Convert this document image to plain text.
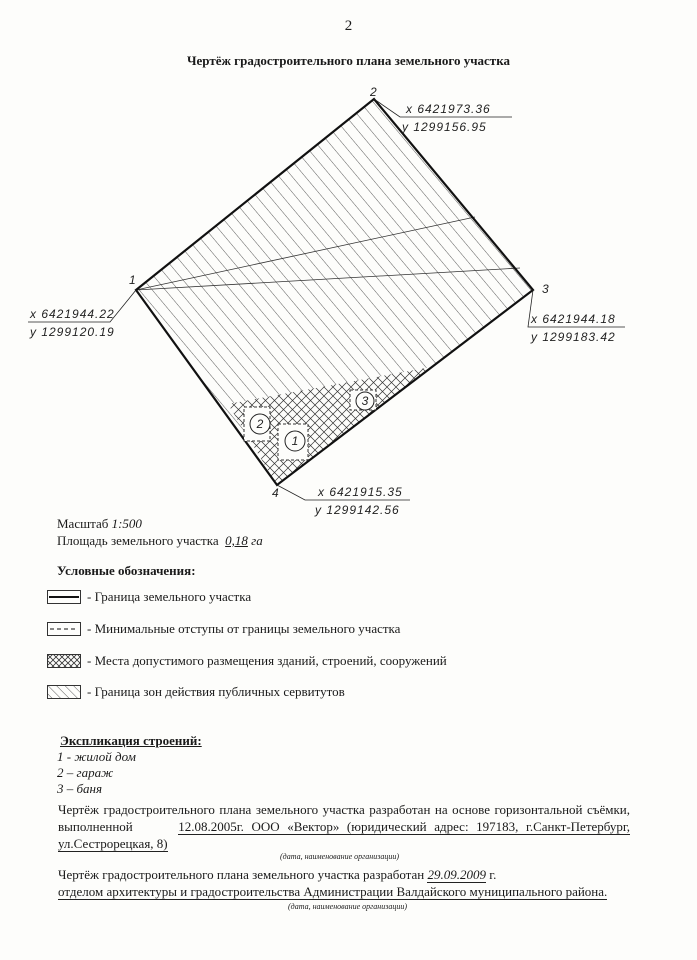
2
Чертёж градостроительного плана земельного участка
1
2
3
1
2
3
4
x 6421973.36
y 1299156.95
x 6421944.22
y 1299120.19
x 6421944.18
y 1299183.42
x 6421915.35
y 1299142.56
Масштаб 1:500
Площадь земельного участка 0,18 га
Условные обозначения:
- Граница земельного участка
- Минимальные отступы от границы земельного участка
- Места допустимого размещения зданий, строений, сооружений
- Граница зон действия публичных сервитутов
Экспликация строений:
1 - жилой дом
2 – гараж
3 – баня
Чертёж градостроительного плана земельного участка разработан на основе горизонтальной съёмки, выполненной	12.08.2005г. ООО «Вектор» (юридический адрес: 197183, г.Санкт-Петербург, ул.Сестрорецкая, 8)
(дата, наименование организации)
Чертёж градостроительного плана земельного участка разработан 29.09.2009 г.
отделом архитектуры и градостроительства Администрации Валдайского муниципального района.
(дата, наименование организации)
